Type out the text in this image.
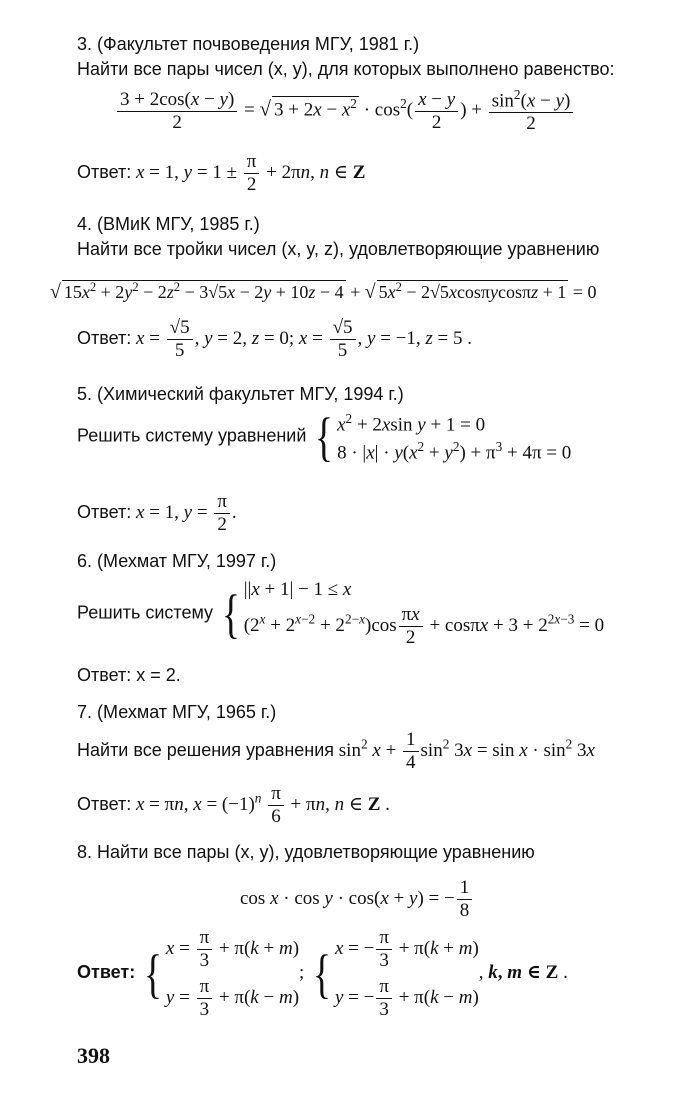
3. (Факультет почвоведения МГУ, 1981 г.)
Найти все пары чисел (x, y), для которых выполнено равенство:
$\frac{3 + 2\cos(x - y)}{2}$ = √ $3 + 2x - x^2 \cdot \cos^2( \frac{x - y}{2}$ ) + $\frac{\sin^2(x - y)}{2}$
Ответ: x = 1, $y = 1 \pm \frac{\pi}{2} + 2\pi n$, n ∈ Z
4. (ВМиК МГУ, 1985 г.)
Найти все тройки чисел (x, y, z), удовлетворяющие уравнению
√ $15x^2 + 2y^2 - 2z^2 - 3√5x - 2y + 10z - 4$ + √ $5x^2 - 2√5xcos\pi ycos\pi z + 1 = 0$
Ответ: $x = \frac{√5}{5}$ , y = 2, z = 0; $x = \frac{√5}{5}$ , y = −1, z = 5 .
5. (Химический факультет МГУ, 1994 г.)
Решить систему уравнений { $x^2 + 2xsin$ y + 1 = 0
$8 \cdot |x| \cdot y(x^2 + y^2) + \pi^3 + 4\pi = 0$
Ответ: x = 1, $y = \frac{\pi}{2}$ .
6. (Мехмат МГУ, 1997 г.)
Решить систему { ||x + 1| − 1 ≤ x
$(2^x + 2^{x-2} + 2^{2-x})\cos \frac{\pi x}{2} + \cos\pi x + 3 + 2^{2x-3} = 0$
Ответ: x = 2.
7. (Мехмат МГУ, 1965 г.)
Найти все решения уравнения $\sin^2 x + \frac{1}{4} \sin^2 3x = \sin x \cdot \sin^2 3x$
Ответ: x = πn, $x = (-1)^n \frac{\pi}{6} + \pi n$, n ∈ Z .
8. Найти все пары (x, y), удовлетворяющие уравнению
cos x · cos y · cos(x + y) = − $\frac{1}{8}$
Ответ: { $x = \frac{\pi}{3} + \pi(k + m)$
$y = \frac{\pi}{3} + \pi(k - m)$
; { x = − $\frac{\pi}{3} + \pi(k + m)$
y = − $\frac{\pi}{3} + \pi(k - m)$
, k, m ∈ Z .
398
